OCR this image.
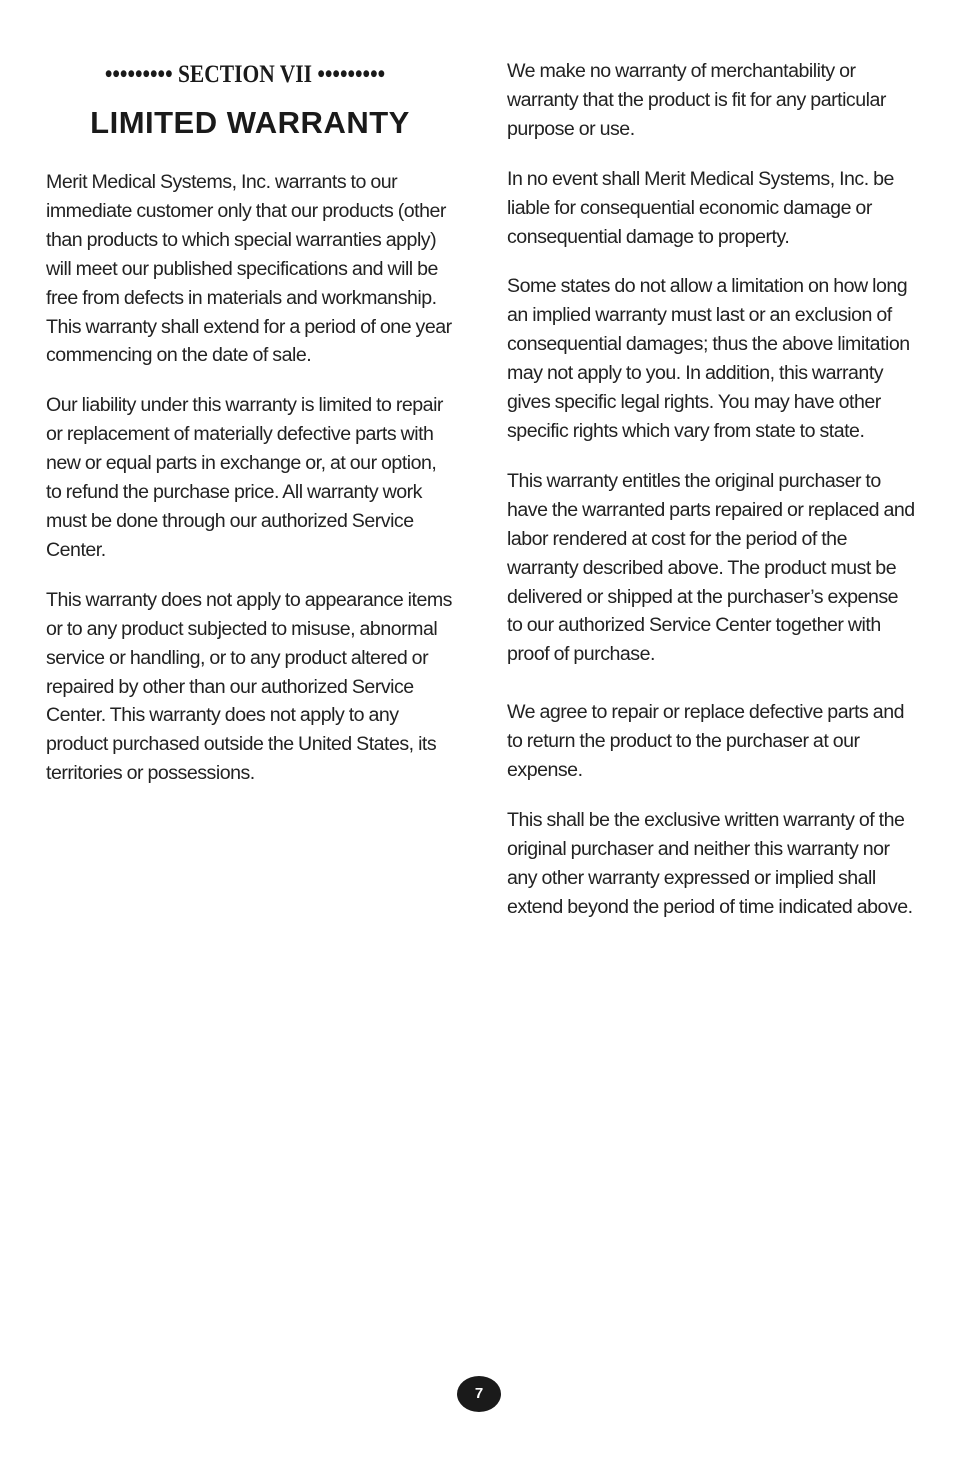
••••••••• SECTION VII •••••••••
LIMITED WARRANTY

Merit Medical Systems, Inc. warrants to our immediate customer only that our products (other than products to which special warranties apply) will meet our published specifications and will be free from defects in materials and workmanship. This warranty shall extend for a period of one year commencing on the date of sale.

Our liability under this warranty is limited to repair or replacement of materially defective parts with new or equal parts in exchange or, at our option, to refund the purchase price. All warranty work must be done through our authorized Service Center.

This warranty does not apply to appearance items or to any product subjected to misuse, abnormal service or handling, or to any product altered or repaired by other than our authorized Service Center. This warranty does not apply to any product purchased outside the United States, its territories or possessions.

We make no warranty of merchantability or warranty that the product is fit for any particular purpose or use.

In no event shall Merit Medical Systems, Inc. be liable for consequential economic damage or consequential damage to property.

Some states do not allow a limitation on how long an implied warranty must last or an exclusion of consequential damages; thus the above limitation may not apply to you. In addition, this warranty gives specific legal rights. You may have other specific rights which vary from state to state.

This warranty entitles the original purchaser to have the warranted parts repaired or replaced and labor rendered at cost for the period of the warranty described above. The product must be delivered or shipped at the purchaser’s expense to our authorized Service Center together with proof of purchase.

We agree to repair or replace defective parts and to return the product to the purchaser at our expense.

This shall be the exclusive written warranty of the original purchaser and neither this warranty nor any other warranty expressed or implied shall extend beyond the period of time indicated above.

7
